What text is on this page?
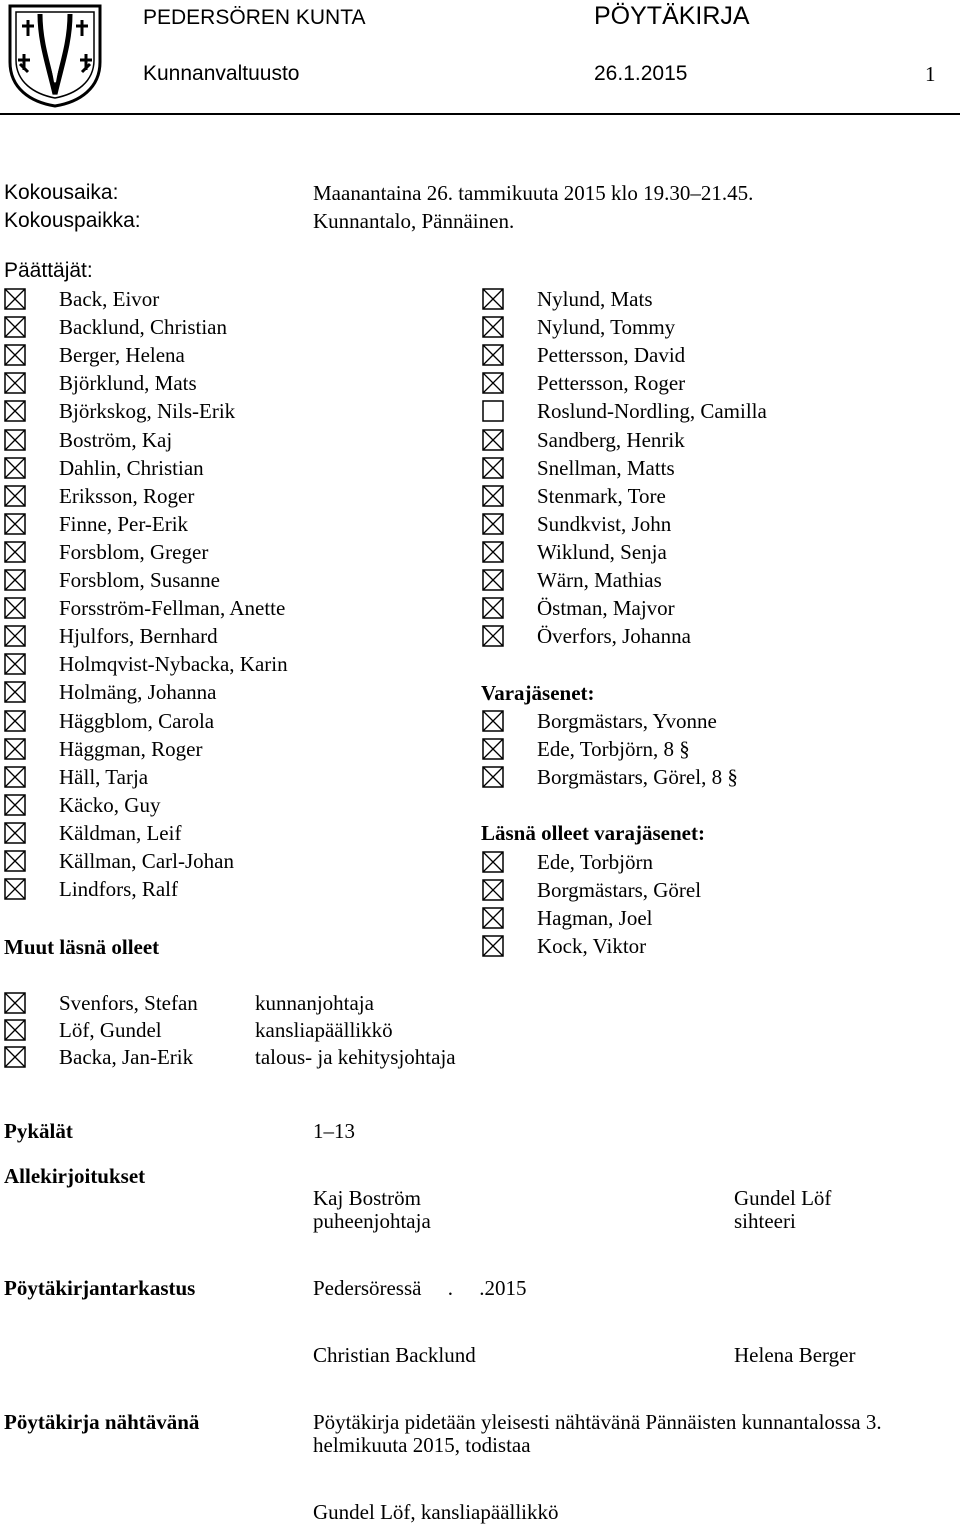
PEDERSÖREN KUNTA	PÖYTÄKIRJA
Kunnanvaltuusto	26.1.2015	1
Kokousaika:	Maanantaina 26. tammikuuta 2015 klo 19.30–21.45.
Kokouspaikka:	Kunnantalo, Pännäinen.
Päättäjät:
Back, Eivor
Backlund, Christian
Berger, Helena
Björklund, Mats
Björkskog, Nils-Erik
Boström, Kaj
Dahlin, Christian
Eriksson, Roger
Finne, Per-Erik
Forsblom, Greger
Forsblom, Susanne
Forsström-Fellman, Anette
Hjulfors, Bernhard
Holmqvist-Nybacka, Karin
Holmäng, Johanna
Häggblom, Carola
Häggman, Roger
Häll, Tarja
Käcko, Guy
Käldman, Leif
Källman, Carl-Johan
Lindfors, Ralf
Nylund, Mats
Nylund, Tommy
Pettersson, David
Pettersson, Roger
Roslund-Nordling, Camilla
Sandberg, Henrik
Snellman, Matts
Stenmark, Tore
Sundkvist, John
Wiklund, Senja
Wärn, Mathias
Östman, Majvor
Överfors, Johanna
Varajäsenet:
Borgmästars, Yvonne
Ede, Torbjörn, 8 §
Borgmästars, Görel, 8 §
Läsnä olleet varajäsenet:
Ede, Torbjörn
Borgmästars, Görel
Hagman, Joel
Kock, Viktor
Muut läsnä olleet
Svenfors, Stefan	kunnanjohtaja
Löf, Gundel	kansliapäällikkö
Backa, Jan-Erik	talous- ja kehitysjohtaja
Pykälät	1–13
Allekirjoitukset
Kaj Boström
puheenjohtaja
Gundel Löf
sihteeri
Pöytäkirjantarkastus	Pedersöressä     .     .2015
Christian Backlund	Helena Berger
Pöytäkirja nähtävänä	Pöytäkirja pidetään yleisesti nähtävänä Pännäisten kunnantalossa 3.
helmikuuta 2015, todistaa
Gundel Löf, kansliapäällikkö
